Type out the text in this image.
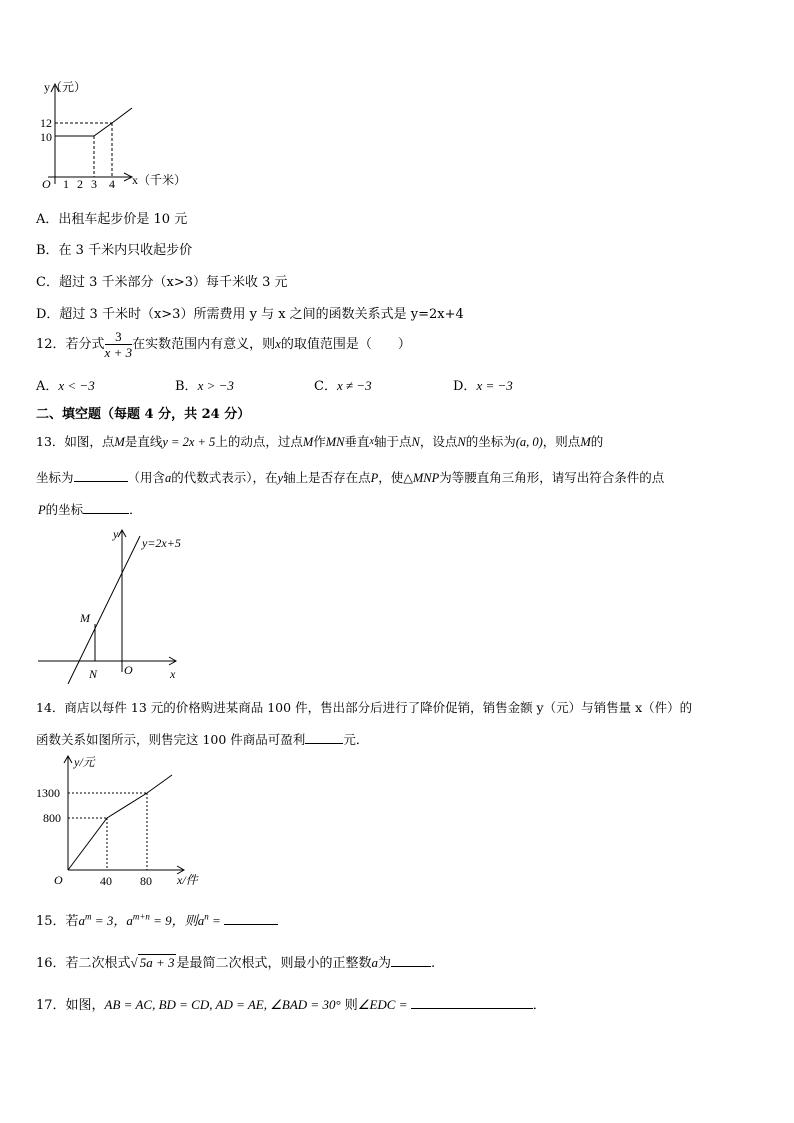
y（元）
12
10
O 1 2 3 4 x（千米）
A．出租车起步价是 10 元
B．在 3 千米内只收起步价
C．超过 3 千米部分（x>3）每千米收 3 元
D．超过 3 千米时（x>3）所需费用 y 与 x 之间的函数关系式是 y=2x+4
12．若分式 $\frac{3}{x + 3}$ 在实数范围内有意义，则x的取值范围是（　　）
A．x < −3	B．x > −3	C．x ≠ −3	D．x = −3
二、填空题（每题 4 分，共 24 分）
13．如图，点M是直线y = 2x + 5上的动点，过点M作MN垂直x轴于点N，设点N的坐标为(a, 0)，则点M的
坐标为	（用含a的代数式表示），在y轴上是否存在点P，使△MNP为等腰直角三角形，请写出符合条件的点
P的坐标	．
y
y=2x+5
M
N O	x
14．商店以每件 13 元的价格购进某商品 100 件，售出部分后进行了降价促销，销售金额 y（元）与销售量 x（件）的
函数关系如图所示，则售完这 100 件商品可盈利	元．
y/元
1300
800
O	40 80 x/件
15．若$a^m = 3$，$a^{m+n} = 9$，则$a^n$ =
16．若二次根式√ 5a + 3 是最简二次根式，则最小的正整数a为	.
17．如图，AB = AC, BD = CD, AD = AE, ∠BAD = 30° 则∠EDC =	．
